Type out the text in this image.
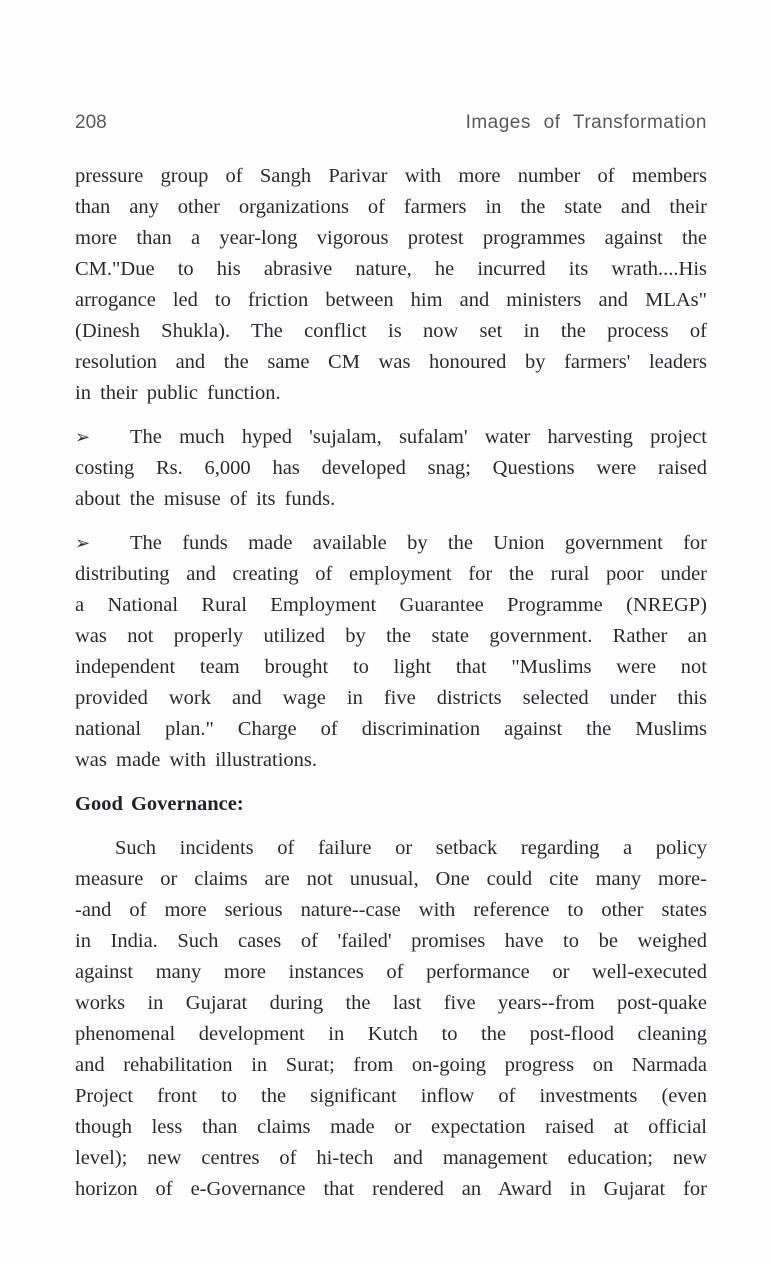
208	Images of Transformation
pressure group of Sangh Parivar with more number of members
than any other organizations of farmers in the state and their
more than a year-long vigorous protest programmes against the
CM."Due to his abrasive nature, he incurred its wrath....His
arrogance led to friction between him and ministers and MLAs"
(Dinesh Shukla). The conflict is now set in the process of
resolution and the same CM was honoured by farmers' leaders
in their public function.
➢ The much hyped 'sujalam, sufalam' water harvesting project
costing Rs. 6,000 has developed snag; Questions were raised
about the misuse of its funds.
➢ The funds made available by the Union government for
distributing and creating of employment for the rural poor under
a National Rural Employment Guarantee Programme (NREGP)
was not properly utilized by the state government. Rather an
independent team brought to light that "Muslims were not
provided work and wage in five districts selected under this
national plan." Charge of discrimination against the Muslims
was made with illustrations.
Good Governance:
Such incidents of failure or setback regarding a policy
measure or claims are not unusual, One could cite many more-
-and of more serious nature--case with reference to other states
in India. Such cases of 'failed' promises have to be weighed
against many more instances of performance or well-executed
works in Gujarat during the last five years--from post-quake
phenomenal development in Kutch to the post-flood cleaning
and rehabilitation in Surat; from on-going progress on Narmada
Project front to the significant inflow of investments (even
though less than claims made or expectation raised at official
level); new centres of hi-tech and management education; new
horizon of e-Governance that rendered an Award in Gujarat for
